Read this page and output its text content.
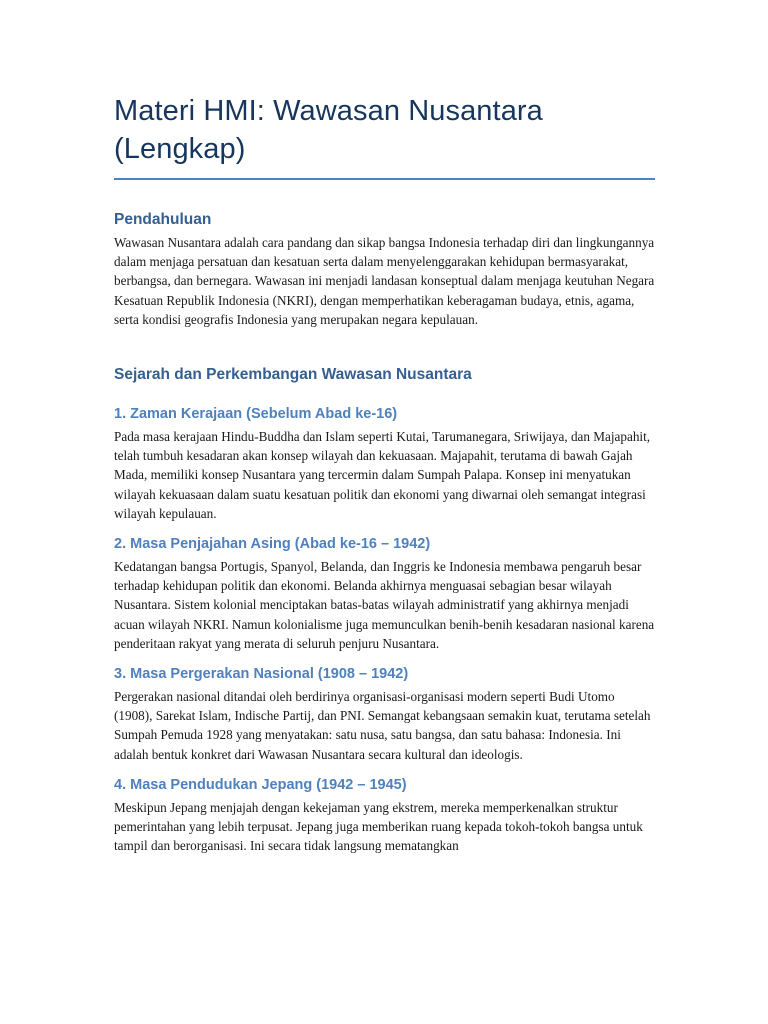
Materi HMI: Wawasan Nusantara (Lengkap)
Pendahuluan

Wawasan Nusantara adalah cara pandang dan sikap bangsa Indonesia terhadap diri dan lingkungannya dalam menjaga persatuan dan kesatuan serta dalam menyelenggarakan kehidupan bermasyarakat, berbangsa, dan bernegara. Wawasan ini menjadi landasan konseptual dalam menjaga keutuhan Negara Kesatuan Republik Indonesia (NKRI), dengan memperhatikan keberagaman budaya, etnis, agama, serta kondisi geografis Indonesia yang merupakan negara kepulauan.

Sejarah dan Perkembangan Wawasan Nusantara
1. Zaman Kerajaan (Sebelum Abad ke-16)

Pada masa kerajaan Hindu-Buddha dan Islam seperti Kutai, Tarumanegara, Sriwijaya, dan Majapahit, telah tumbuh kesadaran akan konsep wilayah dan kekuasaan. Majapahit, terutama di bawah Gajah Mada, memiliki konsep Nusantara yang tercermin dalam Sumpah Palapa. Konsep ini menyatukan wilayah kekuasaan dalam suatu kesatuan politik dan ekonomi yang diwarnai oleh semangat integrasi wilayah kepulauan.

2. Masa Penjajahan Asing (Abad ke-16 – 1942)

Kedatangan bangsa Portugis, Spanyol, Belanda, dan Inggris ke Indonesia membawa pengaruh besar terhadap kehidupan politik dan ekonomi. Belanda akhirnya menguasai sebagian besar wilayah Nusantara. Sistem kolonial menciptakan batas-batas wilayah administratif yang akhirnya menjadi acuan wilayah NKRI. Namun kolonialisme juga memunculkan benih-benih kesadaran nasional karena penderitaan rakyat yang merata di seluruh penjuru Nusantara.

3. Masa Pergerakan Nasional (1908 – 1942)

Pergerakan nasional ditandai oleh berdirinya organisasi-organisasi modern seperti Budi Utomo (1908), Sarekat Islam, Indische Partij, dan PNI. Semangat kebangsaan semakin kuat, terutama setelah Sumpah Pemuda 1928 yang menyatakan: satu nusa, satu bangsa, dan satu bahasa: Indonesia. Ini adalah bentuk konkret dari Wawasan Nusantara secara kultural dan ideologis.

4. Masa Pendudukan Jepang (1942 – 1945)

Meskipun Jepang menjajah dengan kekejaman yang ekstrem, mereka memperkenalkan struktur pemerintahan yang lebih terpusat. Jepang juga memberikan ruang kepada tokoh-tokoh bangsa untuk tampil dan berorganisasi. Ini secara tidak langsung mematangkan
